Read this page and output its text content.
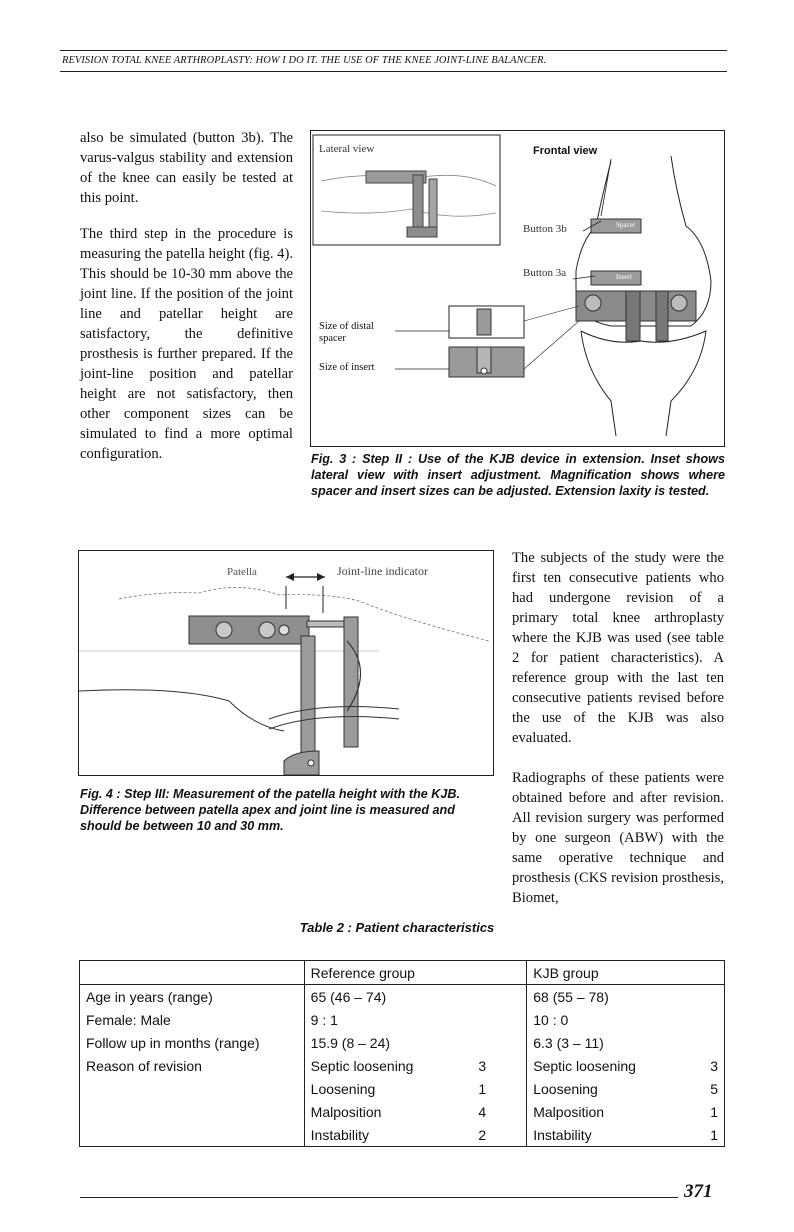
REVISION TOTAL KNEE ARTHROPLASTY: HOW I DO IT. THE USE OF THE KNEE JOINT-LINE BALANCER.

also be simulated (button 3b). The varus-valgus stability and extension of the knee can easily be tested at this point.

The third step in the procedure is measuring the patella height (fig. 4). This should be 10-30 mm above the joint line. If the position of the joint line and patellar height are satisfactory, the definitive prosthesis is further prepared. If the joint-line position and patellar height are not satisfactory, then other component sizes can be simulated to find a more optimal configuration.

Lateral view	Frontal view
Button 3b
Button 3a
Spacer
Insert
Size of distal spacer
Size of insert
Fig. 3 : Step II : Use of the KJB device in extension. Inset shows lateral view with insert adjustment. Magnification shows where spacer and insert sizes can be adjusted. Extension laxity is tested.
Patella	Joint-line indicator
Fig. 4 : Step III: Measurement of the patella height with the KJB. Difference between patella apex and joint line is measured and should be between 10 and 30 mm.

The subjects of the study were the first ten consecutive patients who had undergone revision of a primary total knee arthroplasty where the KJB was used (see table 2 for patient characteristics). A reference group with the last ten consecutive patients revised before the use of the KJB was also evaluated.

Radiographs of these patients were obtained before and after revision. All revision surgery was performed by one surgeon (ABW) with the same operative technique and prosthesis (CKS revision prosthesis, Biomet,

Table 2 : Patient characteristics
	Reference group		KJB group	
Age in years (range)	65 (46 – 74)		68 (55 – 78)	
Female: Male	9 : 1		10 : 0	
Follow up in months (range)	15.9 (8 – 24)		6.3 (3 – 11)	
Reason of revision	Septic loosening	3	Septic loosening	3
	Loosening	1	Loosening	5
	Malposition	4	Malposition	1
	Instability	2	Instability	1
371
